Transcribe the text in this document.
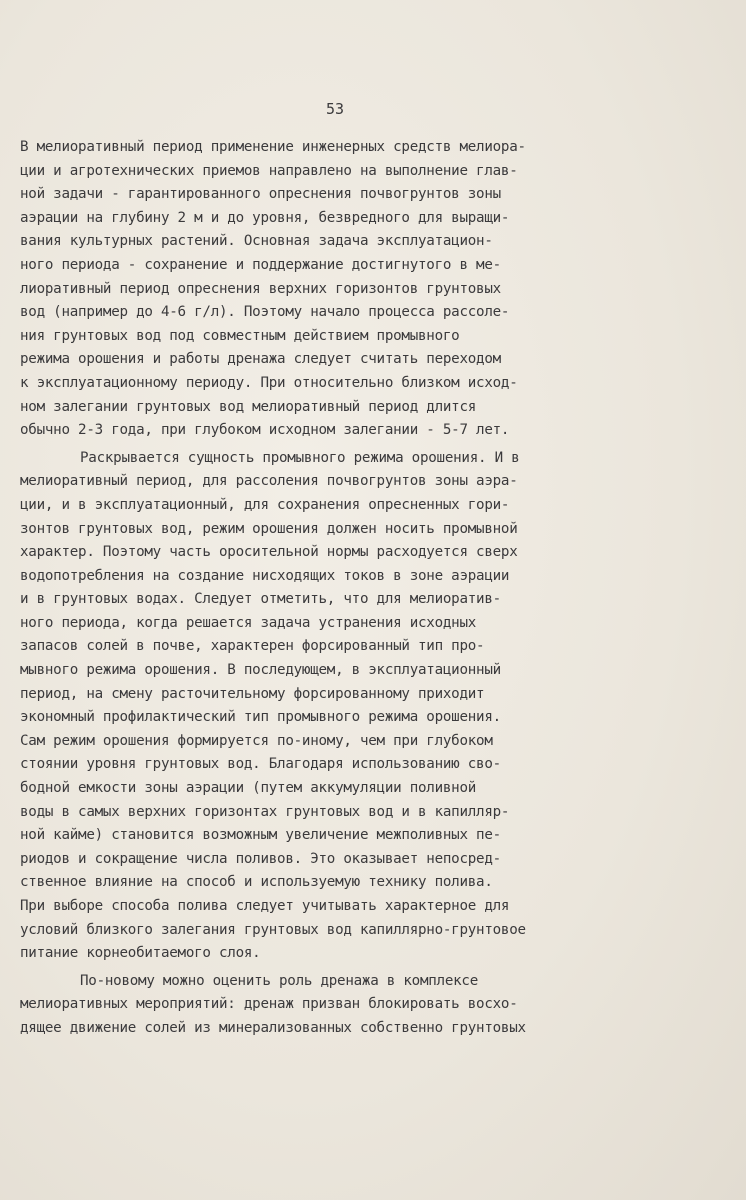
53
В мелиоративный период применение инженерных средств мелиора-
ции и агротехнических приемов направлено на выполнение глав-
ной задачи - гарантированного опреснения почвогрунтов зоны
аэрации на глубину 2 м и до уровня, безвредного для выращи-
вания культурных растений. Основная задача эксплуатацион-
ного периода - сохранение и поддержание достигнутого в ме-
лиоративный период опреснения верхних горизонтов грунтовых
вод (например до 4-6 г/л). Поэтому начало процесса рассоле-
ния грунтовых вод под совместным действием промывного
режима орошения и работы дренажа следует считать переходом
к эксплуатационному периоду. При относительно близком исход-
ном залегании грунтовых вод мелиоративный период длится
обычно 2-3 года, при глубоком исходном залегании - 5-7 лет.
Раскрывается сущность промывного режима орошения. И в
мелиоративный период, для рассоления почвогрунтов зоны аэра-
ции, и в эксплуатационный, для сохранения опресненных гори-
зонтов грунтовых вод, режим орошения должен носить промывной
характер. Поэтому часть оросительной нормы расходуется сверх
водопотребления на создание нисходящих токов в зоне аэрации
и в грунтовых водах. Следует отметить, что для мелиоратив-
ного периода, когда решается задача устранения исходных
запасов солей в почве, характерен форсированный тип про-
мывного режима орошения. В последующем, в эксплуатационный
период, на смену расточительному форсированному приходит
экономный профилактический тип промывного режима орошения.
Сам режим орошения формируется по-иному, чем при глубоком
стоянии уровня грунтовых вод. Благодаря использованию сво-
бодной емкости зоны аэрации (путем аккумуляции поливной
воды в самых верхних горизонтах грунтовых вод и в капилляр-
ной кайме) становится возможным увеличение межполивных пе-
риодов и сокращение числа поливов. Это оказывает непосред-
ственное влияние на способ и используемую технику полива.
При выборе способа полива следует учитывать характерное для
условий близкого залегания грунтовых вод капиллярно-грунтовое
питание корнеобитаемого слоя.
По-новому можно оценить роль дренажа в комплексе
мелиоративных мероприятий: дренаж призван блокировать восхо-
дящее движение солей из минерализованных собственно грунтовых
